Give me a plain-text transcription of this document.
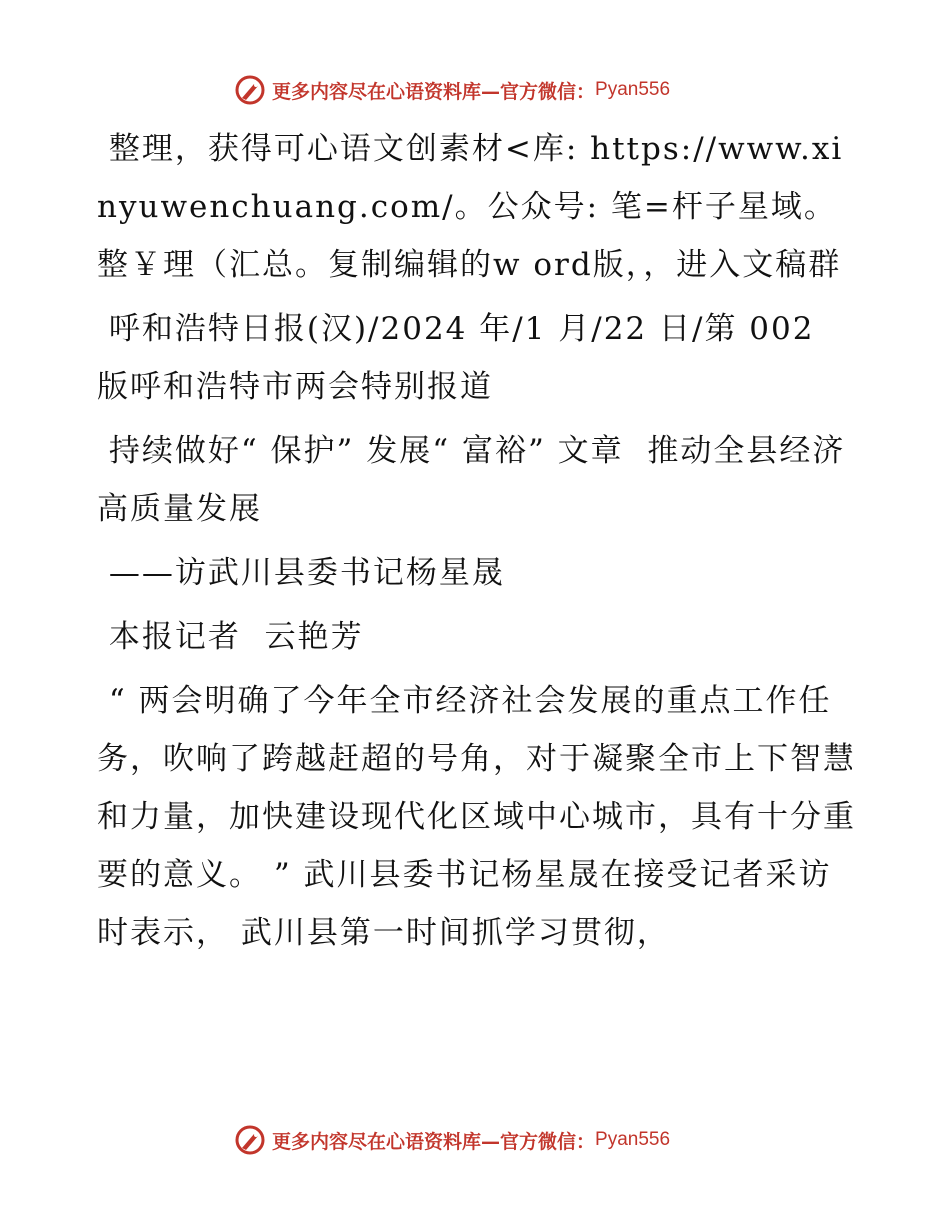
更多内容尽在心语资料库—官方微信： Pyan556

整理，获得可心语文创素材<库: https://www.xinyuwenchuang.com/。公众号: 笔=杆子星域。整￥理（汇总。复制编辑的w ord版，，进入文稿群

呼和浩特日报(汉)/2024 年/1 月/22 日/第 002 版呼和浩特市两会特别报道

持续做好“ 保护” 发展“ 富裕” 文章  推动全县经济高质量发展

——访武川县委书记杨星晟

本报记者  云艳芳

“ 两会明确了今年全市经济社会发展的重点工作任务，吹响了跨越赶超的号角，对于凝聚全市上下智慧和力量，加快建设现代化区域中心城市，具有十分重要的意义。 ” 武川县委书记杨星晟在接受记者采访时表示， 武川县第一时间抓学习贯彻，

更多内容尽在心语资料库—官方微信： Pyan556
